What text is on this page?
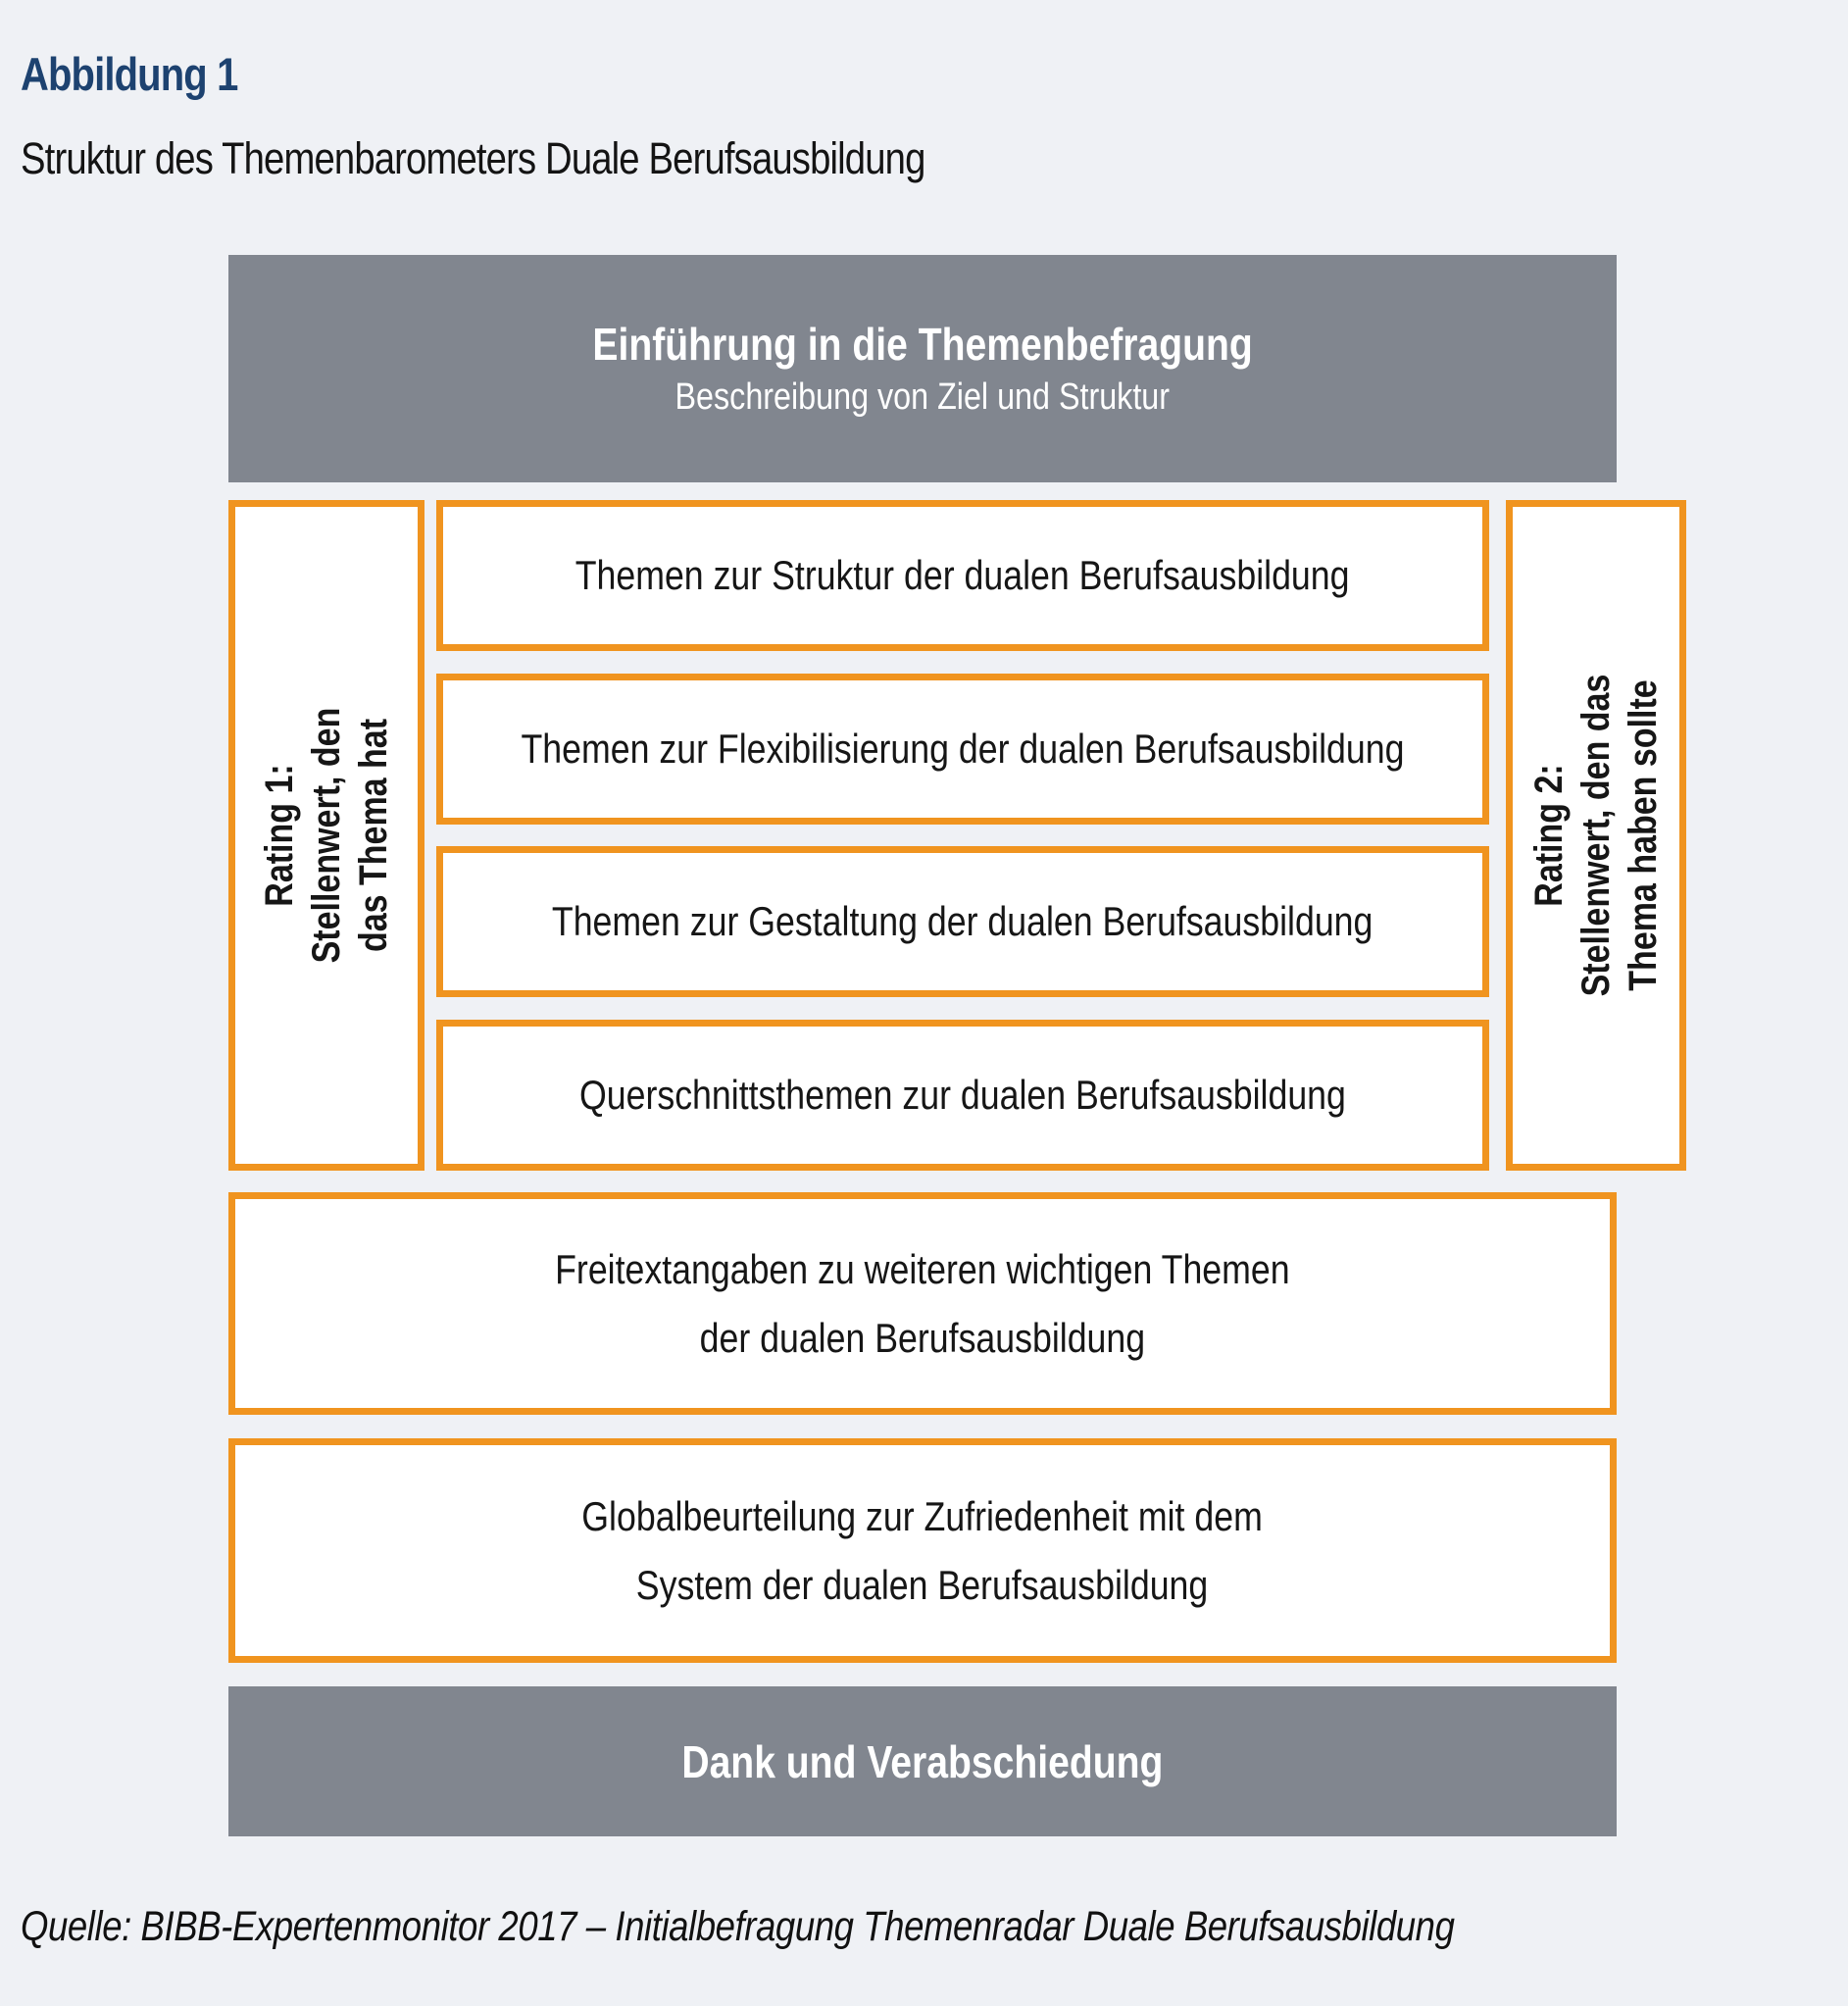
Abbildung 1
Struktur des Themenbarometers Duale Berufsausbildung
Einführung in die Themenbefragung
Beschreibung von Ziel und Struktur
Rating 1: Stellenwert, den das Thema hat
Themen zur Struktur der dualen Berufsausbildung
Themen zur Flexibilisierung der dualen Berufsausbildung
Themen zur Gestaltung der dualen Berufsausbildung
Querschnittsthemen zur dualen Berufsausbildung
Rating 2: Stellenwert, den das Thema haben sollte
Freitextangaben zu weiteren wichtigen Themen
der dualen Berufsausbildung
Globalbeurteilung zur Zufriedenheit mit dem
System der dualen Berufsausbildung
Dank und Verabschiedung
Quelle: BIBB-Expertenmonitor 2017 – Initialbefragung Themenradar Duale Berufsausbildung
